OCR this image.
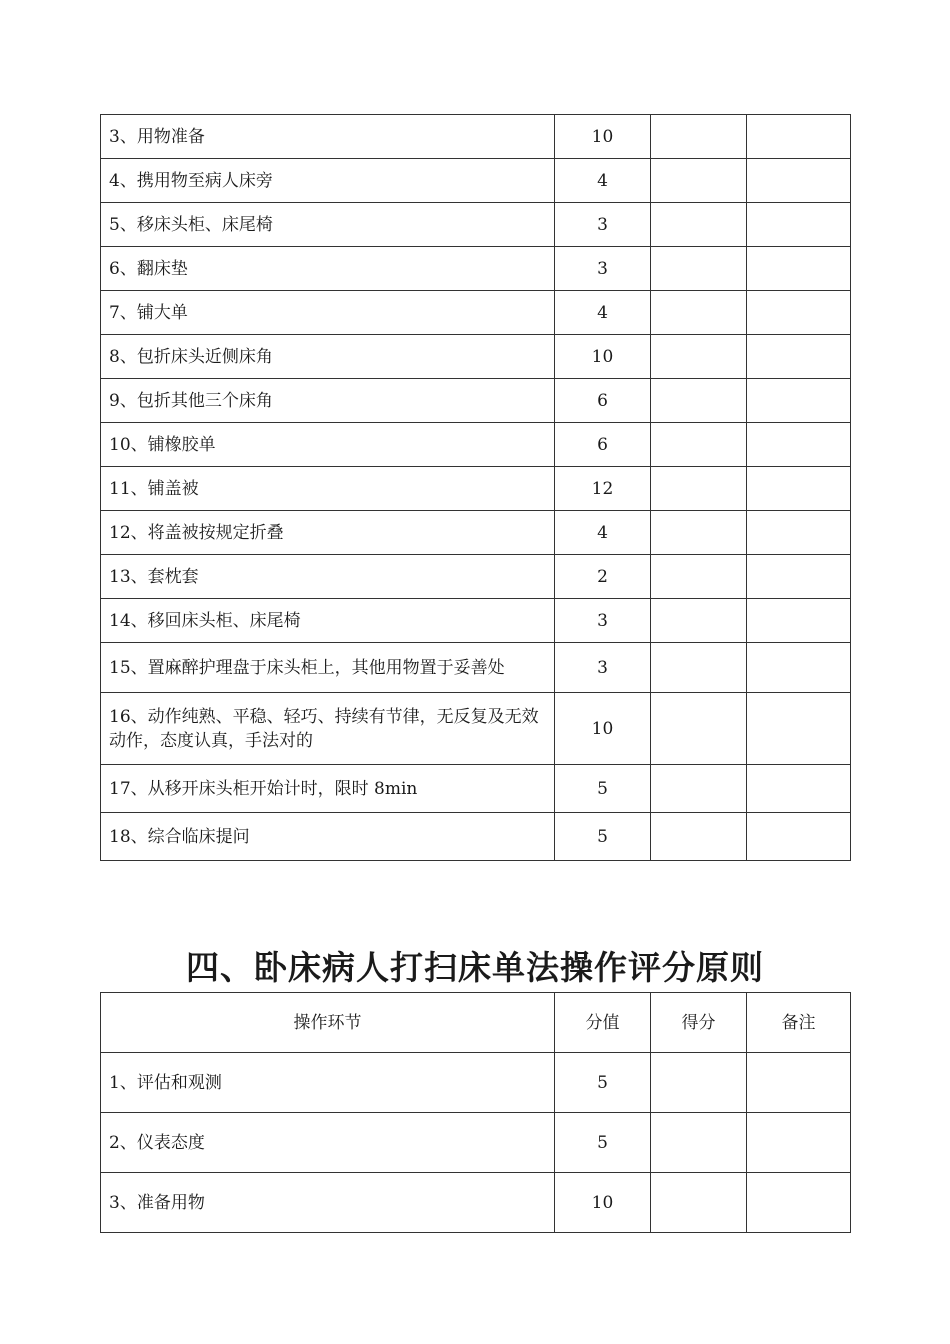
3、用物准备	10		
4、携用物至病人床旁	4		
5、移床头柜、床尾椅	3		
6、翻床垫	3		
7、铺大单	4		
8、包折床头近侧床角	10		
9、包折其他三个床角	6		
10、铺橡胶单	6		
11、铺盖被	12		
12、将盖被按规定折叠	4		
13、套枕套	2		
14、移回床头柜、床尾椅	3		
15、置麻醉护理盘于床头柜上，其他用物置于妥善处	3		
16、动作纯熟、平稳、轻巧、持续有节律，无反复及无效动作，态度认真，手法对的	10		
17、从移开床头柜开始计时，限时 8min	5		
18、综合临床提问	5		
四、卧床病人打扫床单法操作评分原则
操作环节	分值	得分	备注
1、评估和观测	5		
2、仪表态度	5		
3、准备用物	10		
